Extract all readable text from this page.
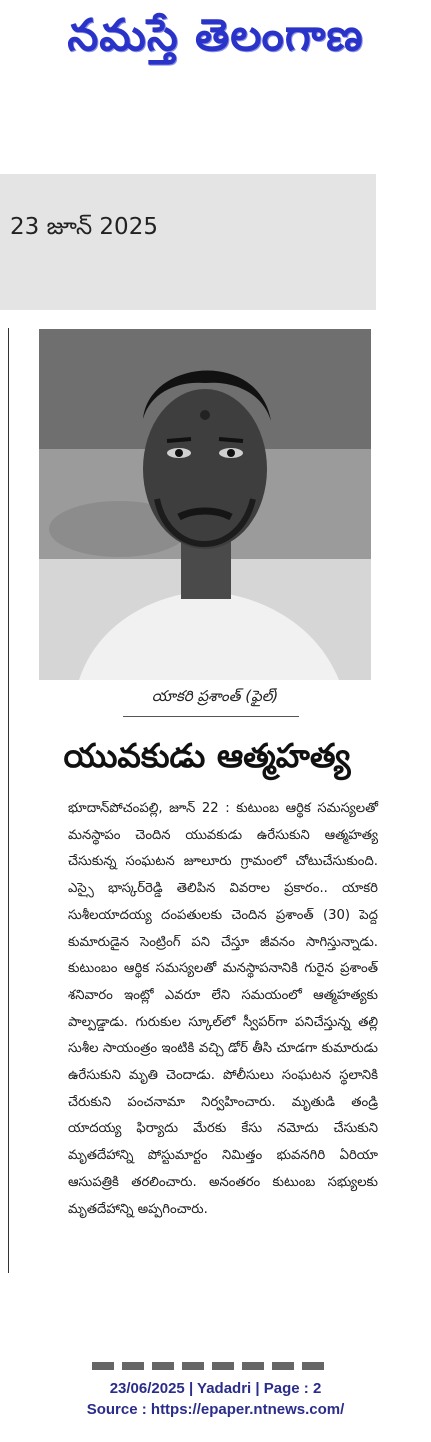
నమస్తే తెలంగాణ
23 జూన్ 2025
యాకరి ప్రశాంత్ (ఫైల్)
యువకుడు ఆత్మహత్య
భూదాన్‌పోచంపల్లి, జూన్ 22 : కుటుంబ ఆర్థిక సమస్యలతో మనస్థాపం చెందిన యువకుడు ఉరేసుకుని ఆత్మహత్య చేసుకున్న సంఘటన జూలూరు గ్రామంలో చోటుచేసుకుంది. ఎస్సై భాస్కర్‌రెడ్డి తెలిపిన వివరాల ప్రకారం.. యాకరి సుశీలయాదయ్య దంపతులకు చెందిన ప్రశాంత్ (30) పెద్ద కుమారుడైన సెంట్రింగ్ పని చేస్తూ జీవనం సాగిస్తున్నాడు. కుటుంబం ఆర్థిక సమస్యలతో మనస్థాపనానికి గురైన ప్రశాంత్ శనివారం ఇంట్లో ఎవరూ లేని సమయంలో ఆత్మహత్యకు పాల్పడ్డాడు. గురుకుల స్కూల్‌లో స్వీపర్‌గా పనిచేస్తున్న తల్లి సుశీల సాయంత్రం ఇంటికి వచ్చి డోర్ తీసి చూడగా కుమారుడు ఉరేసుకుని మృతి చెందాడు. పోలీసులు సంఘటన స్థలానికి చేరుకుని పంచనామా నిర్వహించారు. మృతుడి తండ్రి యాదయ్య ఫిర్యాదు మేరకు కేసు నమోదు చేసుకుని మృతదేహాన్ని పోస్టుమార్టం నిమిత్తం భువనగిరి ఏరియా ఆసుపత్రికి తరలించారు. అనంతరం కుటుంబ సభ్యులకు మృతదేహాన్ని అప్పగించారు.
23/06/2025 | Yadadri | Page : 2
Source : https://epaper.ntnews.com/
